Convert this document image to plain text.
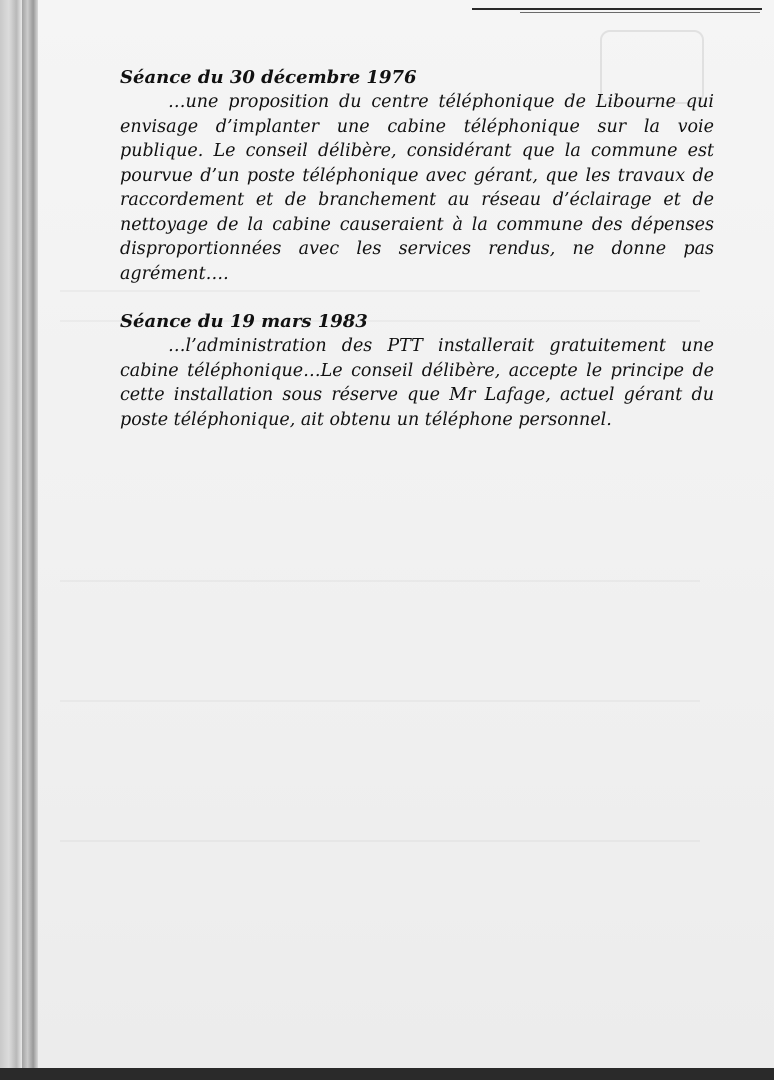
Séance du 30 décembre 1976

…une proposition du centre téléphonique de Libourne qui envisage d’implanter une cabine téléphonique sur la voie publique. Le conseil délibère, considérant que la commune est pourvue d’un poste téléphonique avec gérant, que les travaux de raccordement et de branchement au réseau d’éclairage et de nettoyage de la cabine causeraient à la commune des dépenses disproportionnées avec les services rendus, ne donne pas agrément….

Séance du 19 mars 1983

…l’administration des PTT installerait gratuitement une cabine téléphonique…Le conseil délibère, accepte le principe de cette installation sous réserve que Mr Lafage, actuel gérant du poste téléphonique, ait obtenu un téléphone personnel.
